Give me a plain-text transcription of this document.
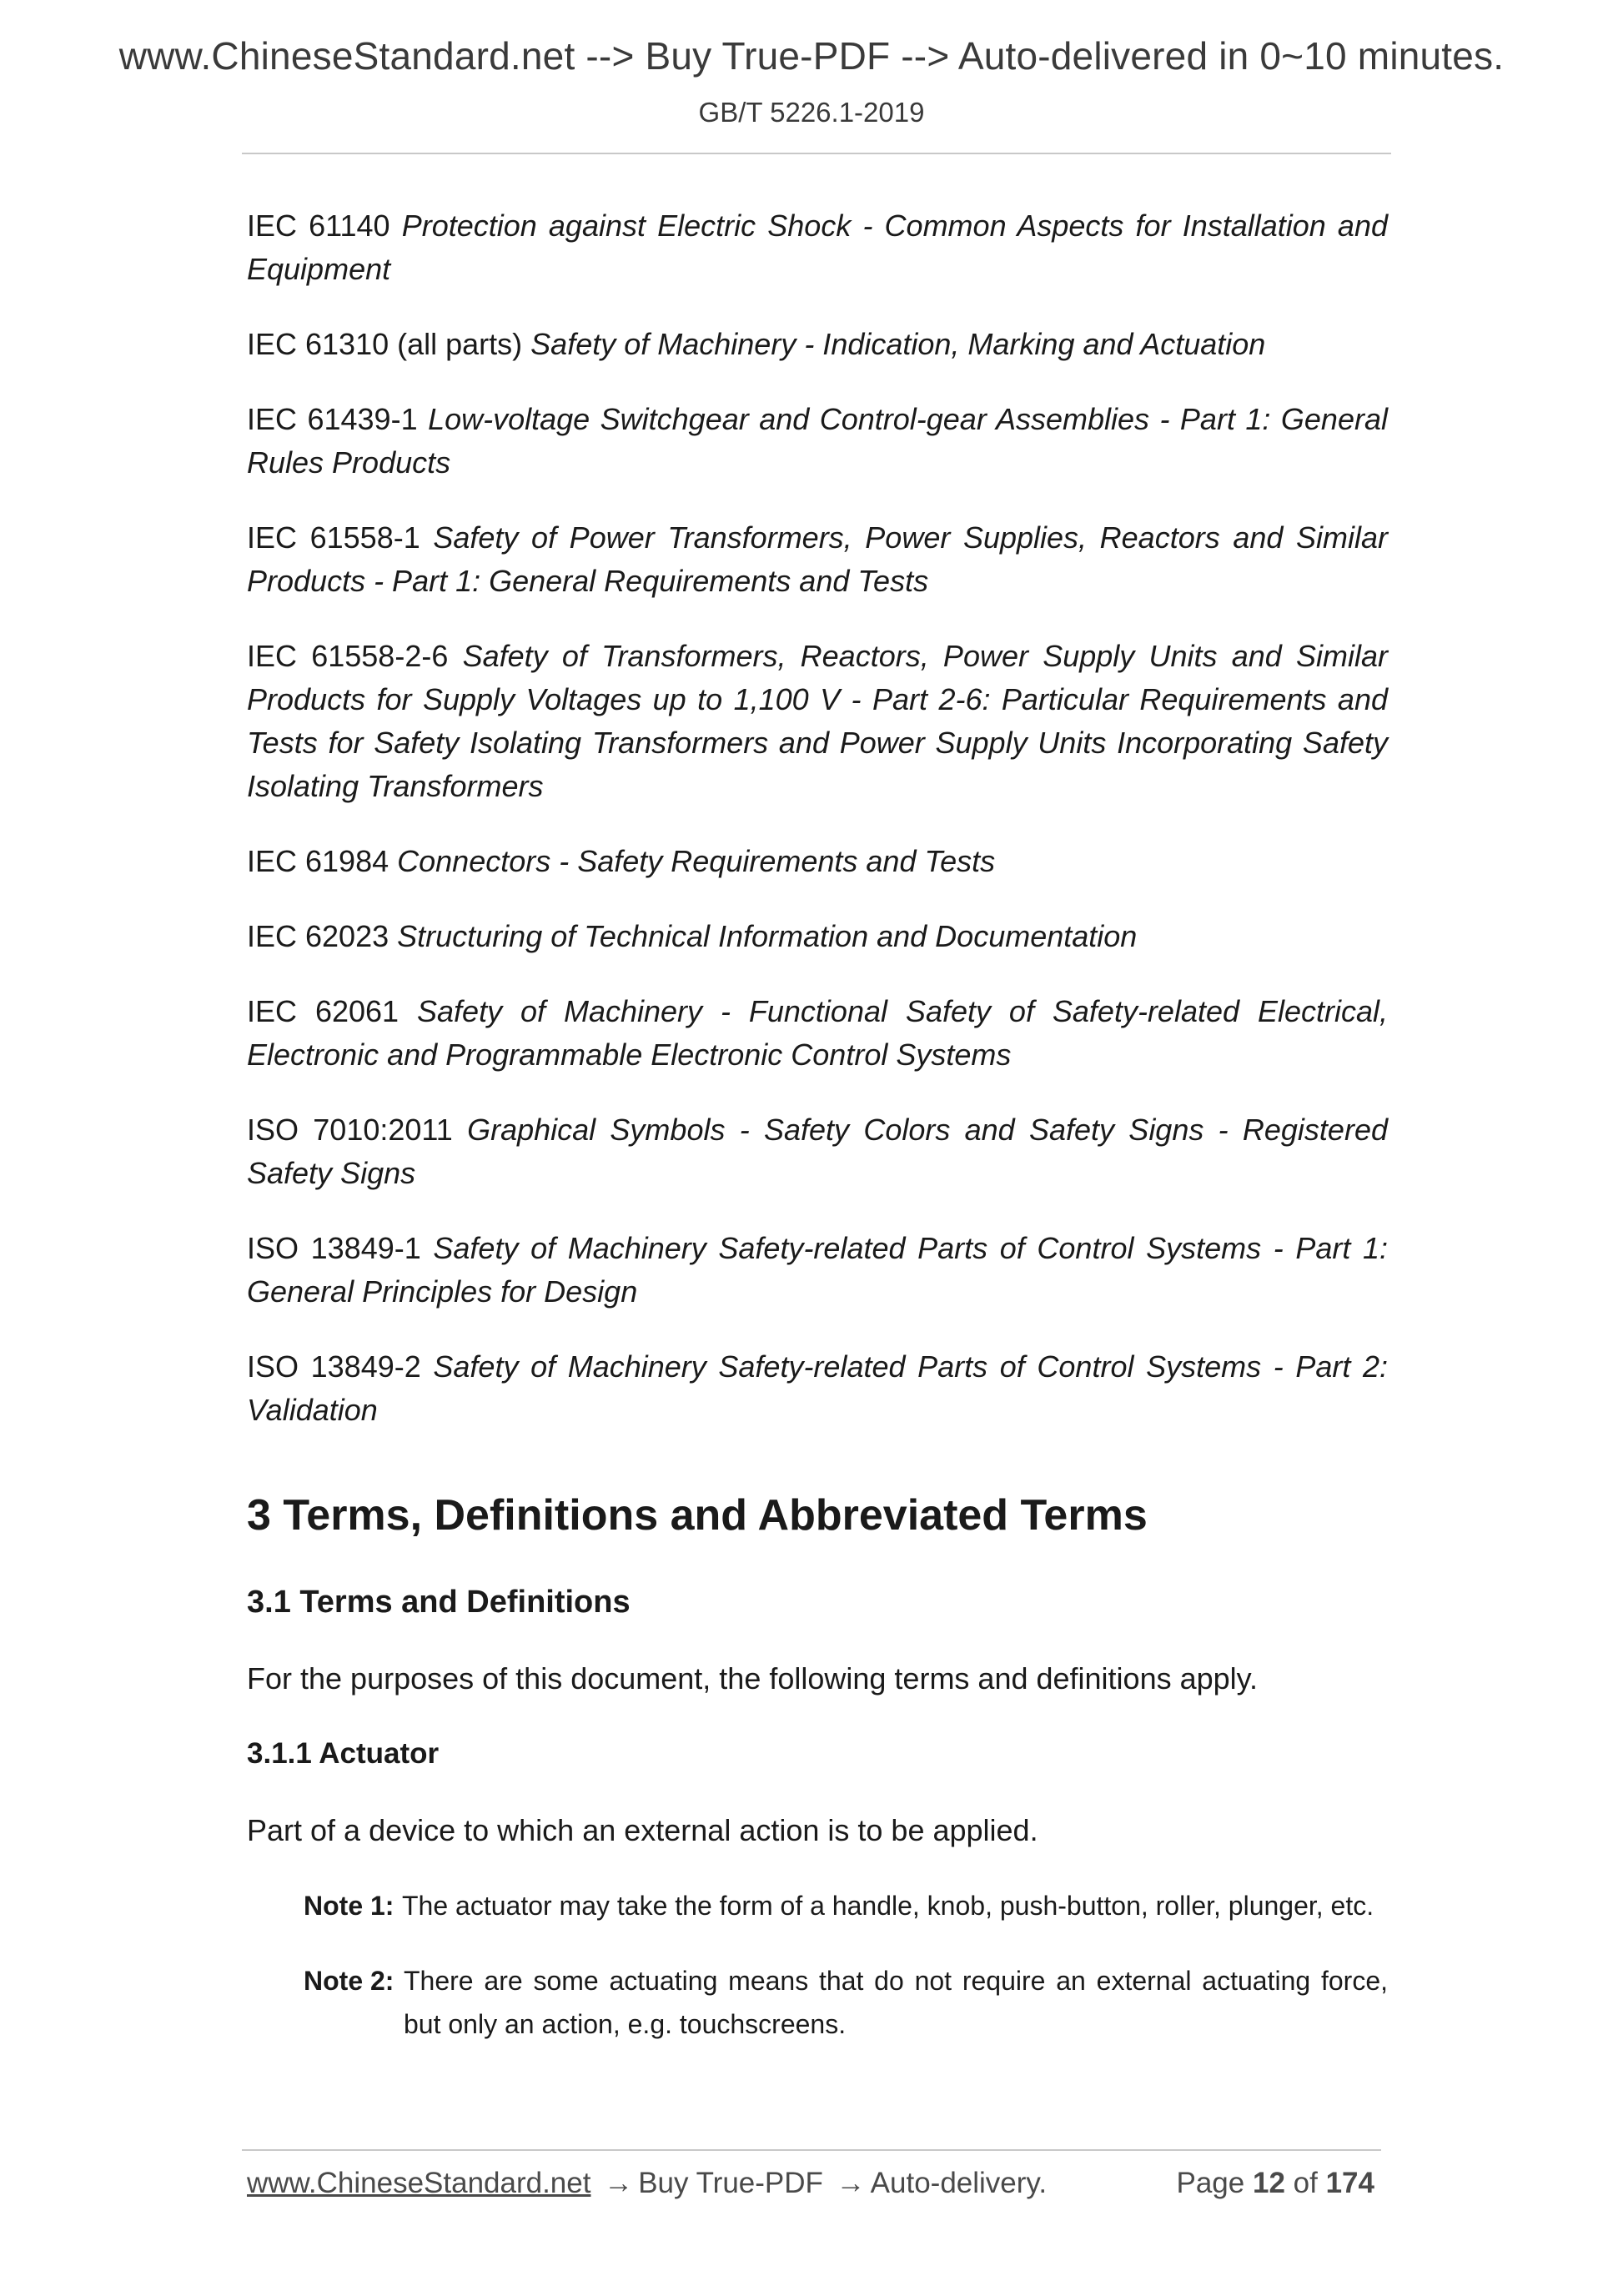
www.ChineseStandard.net --> Buy True-PDF --> Auto-delivered in 0~10 minutes.
GB/T 5226.1-2019

IEC 61140 Protection against Electric Shock - Common Aspects for Installation and Equipment

IEC 61310 (all parts) Safety of Machinery - Indication, Marking and Actuation

IEC 61439-1 Low-voltage Switchgear and Control-gear Assemblies - Part 1: General Rules Products

IEC 61558-1 Safety of Power Transformers, Power Supplies, Reactors and Similar Products - Part 1: General Requirements and Tests

IEC 61558-2-6 Safety of Transformers, Reactors, Power Supply Units and Similar Products for Supply Voltages up to 1,100 V - Part 2-6: Particular Requirements and Tests for Safety Isolating Transformers and Power Supply Units Incorporating Safety Isolating Transformers

IEC 61984 Connectors - Safety Requirements and Tests

IEC 62023 Structuring of Technical Information and Documentation

IEC 62061 Safety of Machinery - Functional Safety of Safety-related Electrical, Electronic and Programmable Electronic Control Systems

ISO 7010:2011 Graphical Symbols - Safety Colors and Safety Signs - Registered Safety Signs

ISO 13849-1 Safety of Machinery Safety-related Parts of Control Systems - Part 1: General Principles for Design

ISO 13849-2 Safety of Machinery Safety-related Parts of Control Systems - Part 2: Validation

3 Terms, Definitions and Abbreviated Terms
3.1 Terms and Definitions

For the purposes of this document, the following terms and definitions apply.

3.1.1 Actuator

Part of a device to which an external action is to be applied.

Note 1: The actuator may take the form of a handle, knob, push-button, roller, plunger, etc.
Note 2: There are some actuating means that do not require an external actuating force, but only an action, e.g. touchscreens.
www.ChineseStandard.net → Buy True-PDF → Auto-delivery.	Page 12 of 174
